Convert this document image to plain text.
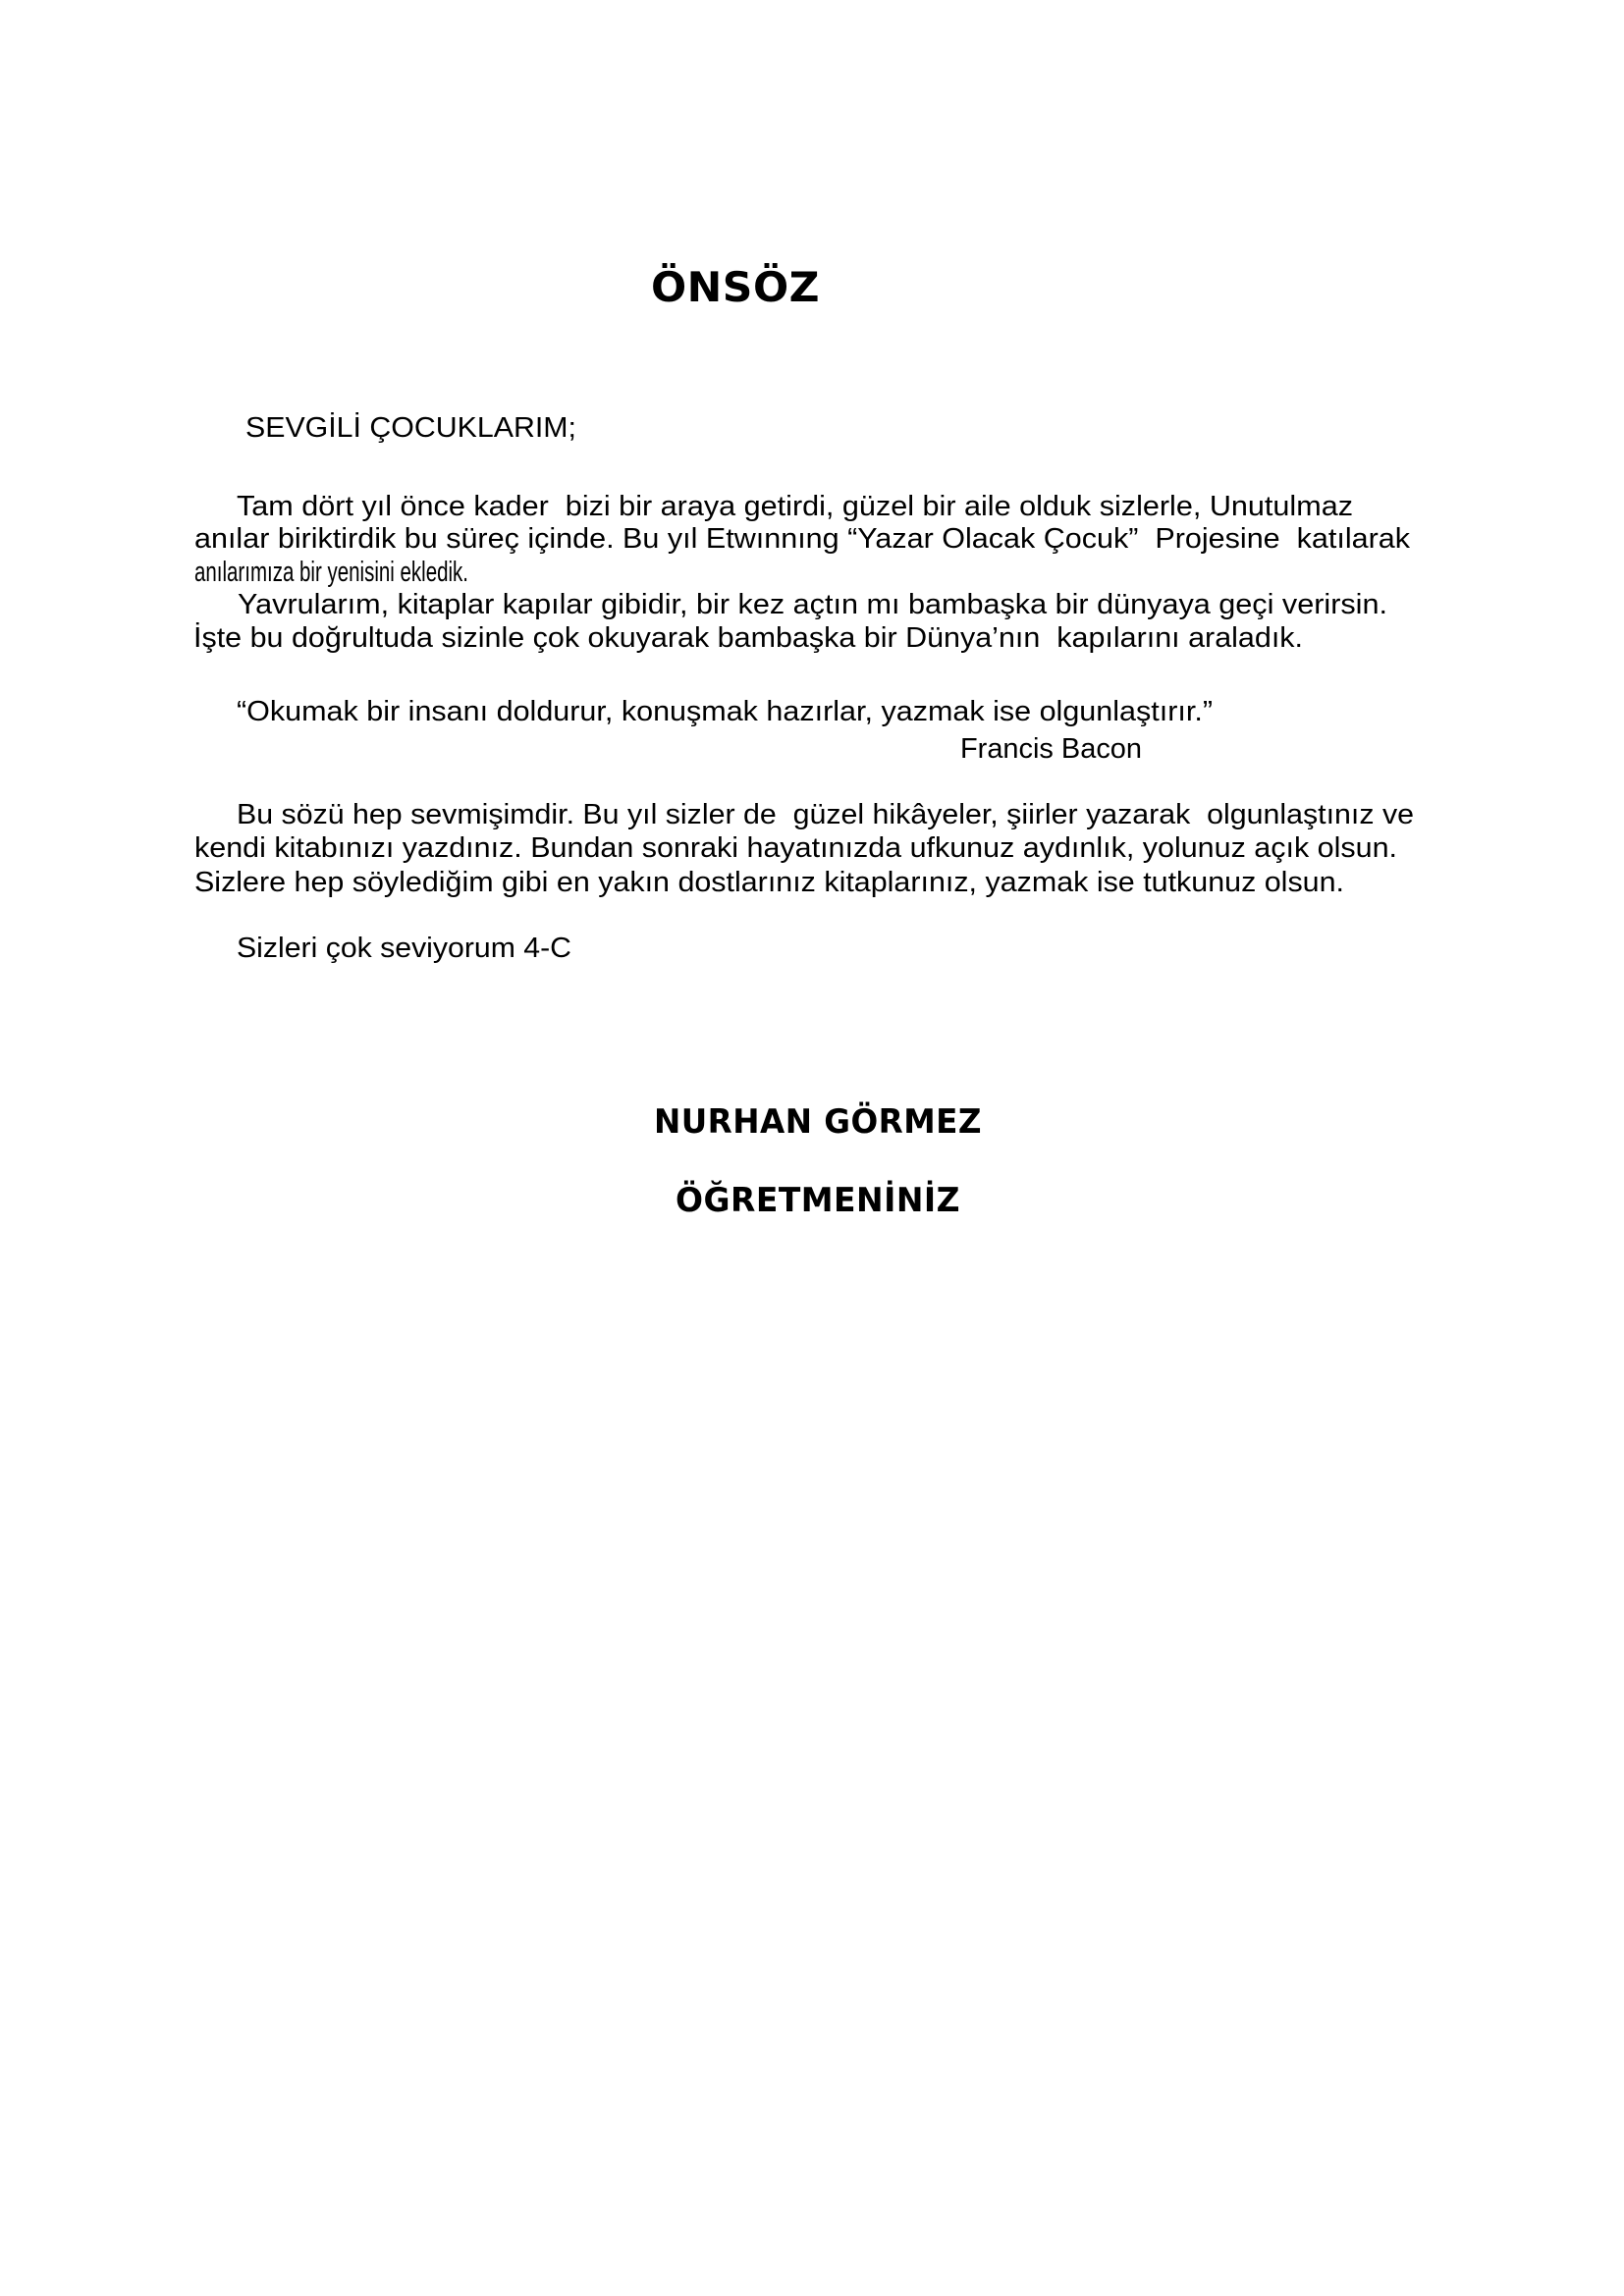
ÖNSÖZ
SEVGİLİ ÇOCUKLARIM;
Tam dört yıl önce kader  bizi bir araya getirdi, güzel bir aile olduk sizlerle, Unutulmaz
anılar biriktirdik bu süreç içinde. Bu yıl Etwınnıng “Yazar Olacak Çocuk”  Projesine  katılarak
anılarımıza bir yenisini ekledik.
Yavrularım, kitaplar kapılar gibidir, bir kez açtın mı bambaşka bir dünyaya geçi verirsin.
İşte bu doğrultuda sizinle çok okuyarak bambaşka bir Dünya’nın  kapılarını araladık.
“Okumak bir insanı doldurur, konuşmak hazırlar, yazmak ise olgunlaştırır.”
Francis Bacon
Bu sözü hep sevmişimdir. Bu yıl sizler de  güzel hikâyeler, şiirler yazarak  olgunlaştınız ve
kendi kitabınızı yazdınız. Bundan sonraki hayatınızda ufkunuz aydınlık, yolunuz açık olsun.
Sizlere hep söylediğim gibi en yakın dostlarınız kitaplarınız, yazmak ise tutkunuz olsun.
Sizleri çok seviyorum 4-C
NURHAN GÖRMEZ
ÖĞRETMENİNİZ
